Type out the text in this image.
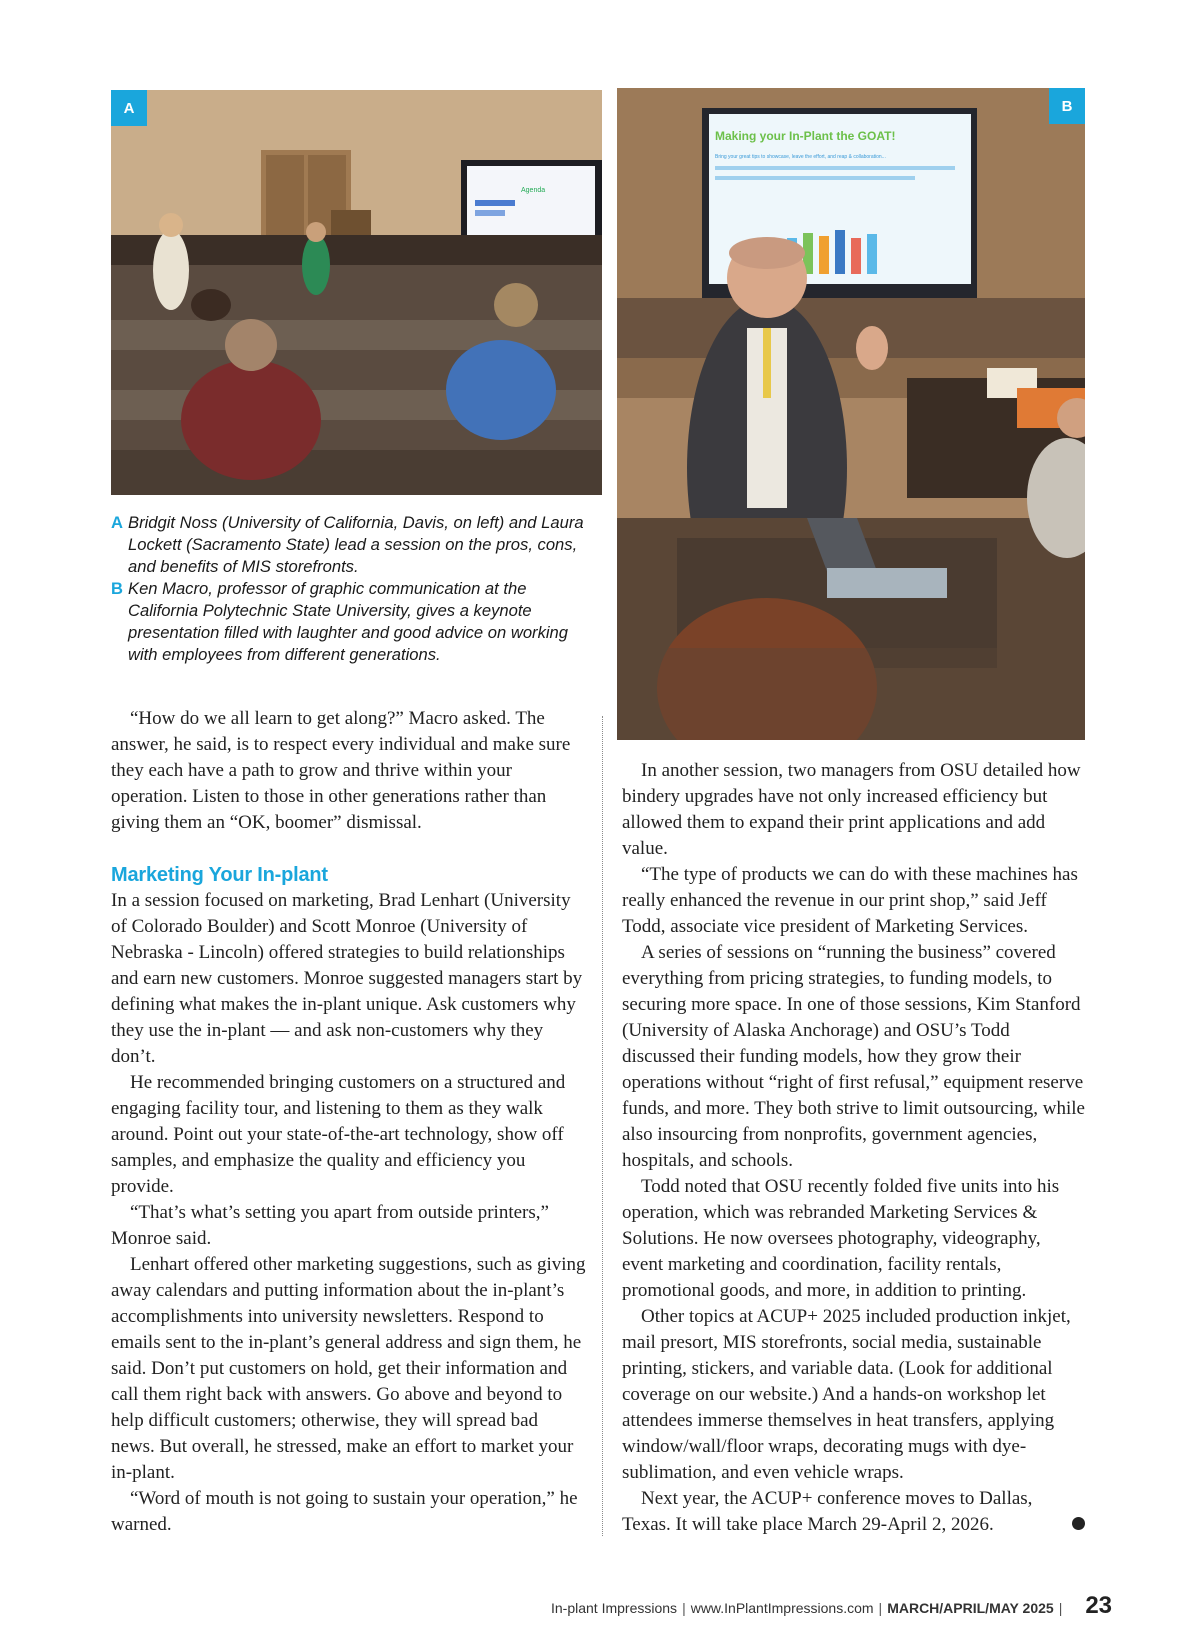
Agenda
A
Making your In-Plant the GOAT!
Bring your great tips to showcase, leave the effort, and reap & collaboration...
B
A Bridgit Noss (University of California, Davis, on left) and Laura Lockett (Sacramento State) lead a session on the pros, cons, and benefits of MIS storefronts.
B Ken Macro, professor of graphic communication at the California Polytechnic State University, gives a keynote presentation filled with laughter and good advice on working with employees from different generations.

“How do we all learn to get along?” Macro asked. The answer, he said, is to respect every individual and make sure they each have a path to grow and thrive within your operation. Listen to those in other generations rather than giving them an “OK, boomer” dismissal.

Marketing Your In-plant

In a session focused on marketing, Brad Lenhart (University of Colorado Boulder) and Scott Monroe (University of Nebraska - Lincoln) offered strategies to build relationships and earn new customers. Monroe suggested managers start by defining what makes the in-plant unique. Ask customers why they use the in-plant — and ask non-customers why they don’t.

He recommended bringing customers on a structured and engaging facility tour, and listening to them as they walk around. Point out your state-of-the-art technology, show off samples, and emphasize the quality and efficiency you provide.

“That’s what’s setting you apart from outside printers,” Monroe said.

Lenhart offered other marketing suggestions, such as giving away calendars and putting information about the in-plant’s accomplishments into university newsletters. Respond to emails sent to the in-plant’s general address and sign them, he said. Don’t put customers on hold, get their information and call them right back with answers. Go above and beyond to help difficult customers; otherwise, they will spread bad news. But overall, he stressed, make an effort to market your in-plant.

“Word of mouth is not going to sustain your operation,” he warned.

In another session, two managers from OSU detailed how bindery upgrades have not only increased efficiency but allowed them to expand their print applications and add value.

“The type of products we can do with these machines has really enhanced the revenue in our print shop,” said Jeff Todd, associate vice president of Marketing Services.

A series of sessions on “running the business” covered everything from pricing strategies, to funding models, to securing more space. In one of those sessions, Kim Stanford (University of Alaska Anchorage) and OSU’s Todd discussed their funding models, how they grow their operations without “right of first refusal,” equipment reserve funds, and more. They both strive to limit outsourcing, while also insourcing from nonprofits, government agencies, hospitals, and schools.

Todd noted that OSU recently folded five units into his operation, which was rebranded Marketing Services & Solutions. He now oversees photography, videography, event marketing and coordination, facility rentals, promotional goods, and more, in addition to printing.

Other topics at ACUP+ 2025 included production inkjet, mail presort, MIS storefronts, social media, sustainable printing, stickers, and variable data. (Look for additional coverage on our website.) And a hands-on workshop let attendees immerse themselves in heat transfers, applying window/wall/floor wraps, decorating mugs with dye-sublimation, and even vehicle wraps.

Next year, the ACUP+ conference moves to Dallas, Texas. It will take place March 29-April 2, 2026.

In-plant Impressions | www.InPlantImpressions.com | MARCH/APRIL/MAY 2025 | 23
